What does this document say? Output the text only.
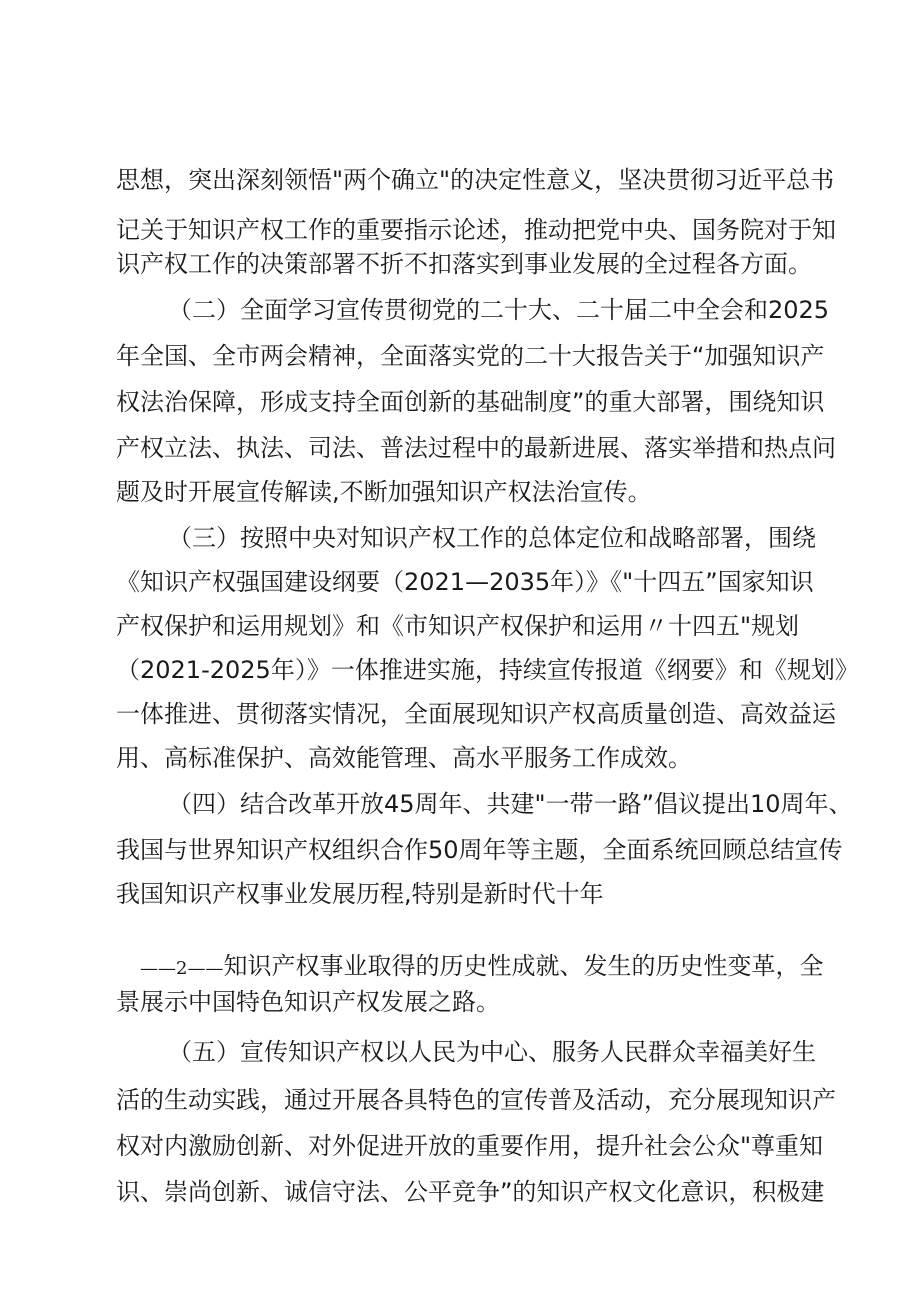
思想，突出深刻领悟"两个确立"的决定性意义，坚决贯彻习近平总书
记关于知识产权工作的重要指示论述，推动把党中央、国务院对于知
识产权工作的决策部署不折不扣落实到事业发展的全过程各方面。
（二）全面学习宣传贯彻党的二十大、二十届二中全会和2025
年全国、全市两会精神，全面落实党的二十大报告关于“加强知识产
权法治保障，形成支持全面创新的基础制度”的重大部署，围绕知识
产权立法、执法、司法、普法过程中的最新进展、落实举措和热点问
题及时开展宣传解读,不断加强知识产权法治宣传。
（三）按照中央对知识产权工作的总体定位和战略部署，围绕
《知识产权强国建设纲要（2021—2035年）》《"十四五”国家知识
产权保护和运用规划》和《市知识产权保护和运用〃十四五"规划
（2021-2025年）》一体推进实施，持续宣传报道《纲要》和《规划》
一体推进、贯彻落实情况，全面展现知识产权高质量创造、高效益运
用、高标准保护、高效能管理、高水平服务工作成效。
（四）结合改革开放45周年、共建"一带一路”倡议提出10周年、
我国与世界知识产权组织合作50周年等主题，全面系统回顾总结宣传
我国知识产权事业发展历程,特别是新时代十年
——2——知识产权事业取得的历史性成就、发生的历史性变革，全
景展示中国特色知识产权发展之路。
（五）宣传知识产权以人民为中心、服务人民群众幸福美好生
活的生动实践，通过开展各具特色的宣传普及活动，充分展现知识产
权对内激励创新、对外促进开放的重要作用，提升社会公众"尊重知
识、崇尚创新、诚信守法、公平竞争”的知识产权文化意识，积极建
